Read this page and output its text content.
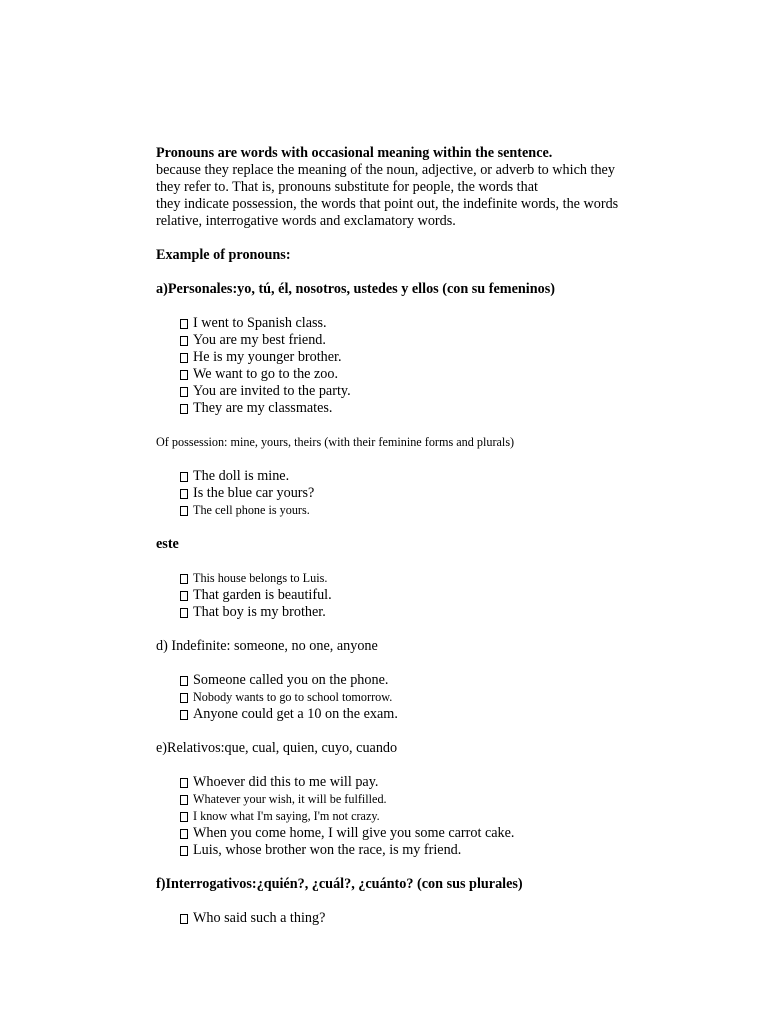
Pronouns are words with occasional meaning within the sentence.

because they replace the meaning of the noun, adjective, or adverb to which they

they refer to. That is, pronouns substitute for people, the words that

they indicate possession, the words that point out, the indefinite words, the words

relative, interrogative words and exclamatory words.

Example of pronouns:

a)Personales:yo, tú, él, nosotros, ustedes y ellos (con su femeninos)

I went to Spanish class.
You are my best friend.
He is my younger brother.
We want to go to the zoo.
You are invited to the party.
They are my classmates.

Of possession: mine, yours, theirs (with their feminine forms and plurals)

The doll is mine.
Is the blue car yours?
The cell phone is yours.

este

This house belongs to Luis.
That garden is beautiful.
That boy is my brother.

d) Indefinite: someone, no one, anyone

Someone called you on the phone.
Nobody wants to go to school tomorrow.
Anyone could get a 10 on the exam.

e)Relativos:que, cual, quien, cuyo, cuando

Whoever did this to me will pay.
Whatever your wish, it will be fulfilled.
I know what I'm saying, I'm not crazy.
When you come home, I will give you some carrot cake.
Luis, whose brother won the race, is my friend.

f)Interrogativos:¿quién?, ¿cuál?, ¿cuánto? (con sus plurales)

Who said such a thing?
